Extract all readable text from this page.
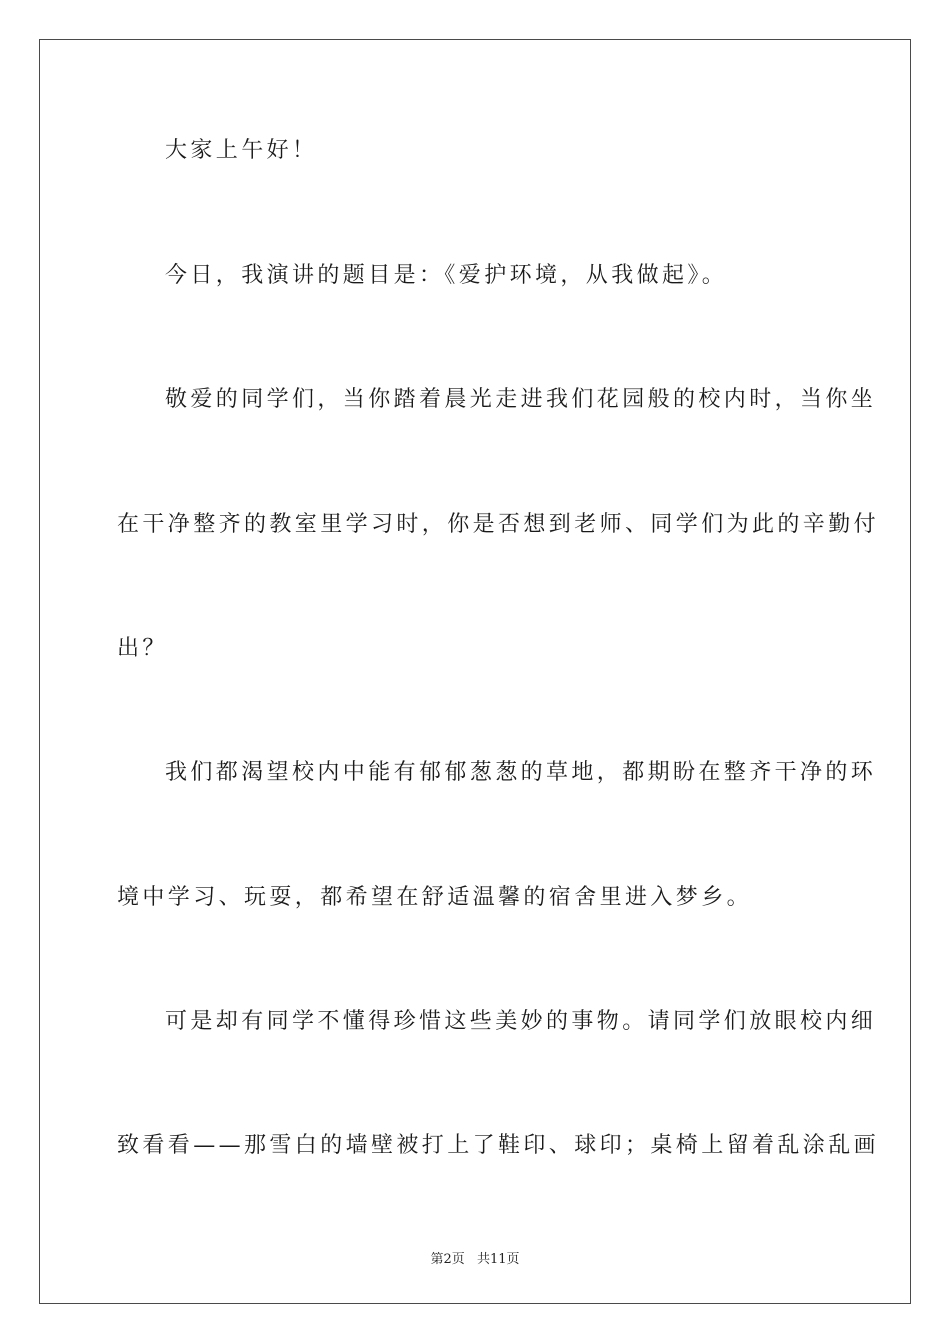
大家上午好！
今日，我演讲的题目是：《爱护环境，从我做起》。
敬爱的同学们，当你踏着晨光走进我们花园般的校内时，当你坐
在干净整齐的教室里学习时，你是否想到老师、同学们为此的辛勤付
出？
我们都渴望校内中能有郁郁葱葱的草地，都期盼在整齐干净的环
境中学习、玩耍，都希望在舒适温馨的宿舍里进入梦乡。
可是却有同学不懂得珍惜这些美妙的事物。请同学们放眼校内细
致看看——那雪白的墙壁被打上了鞋印、球印；桌椅上留着乱涂乱画
第2页 共11页
